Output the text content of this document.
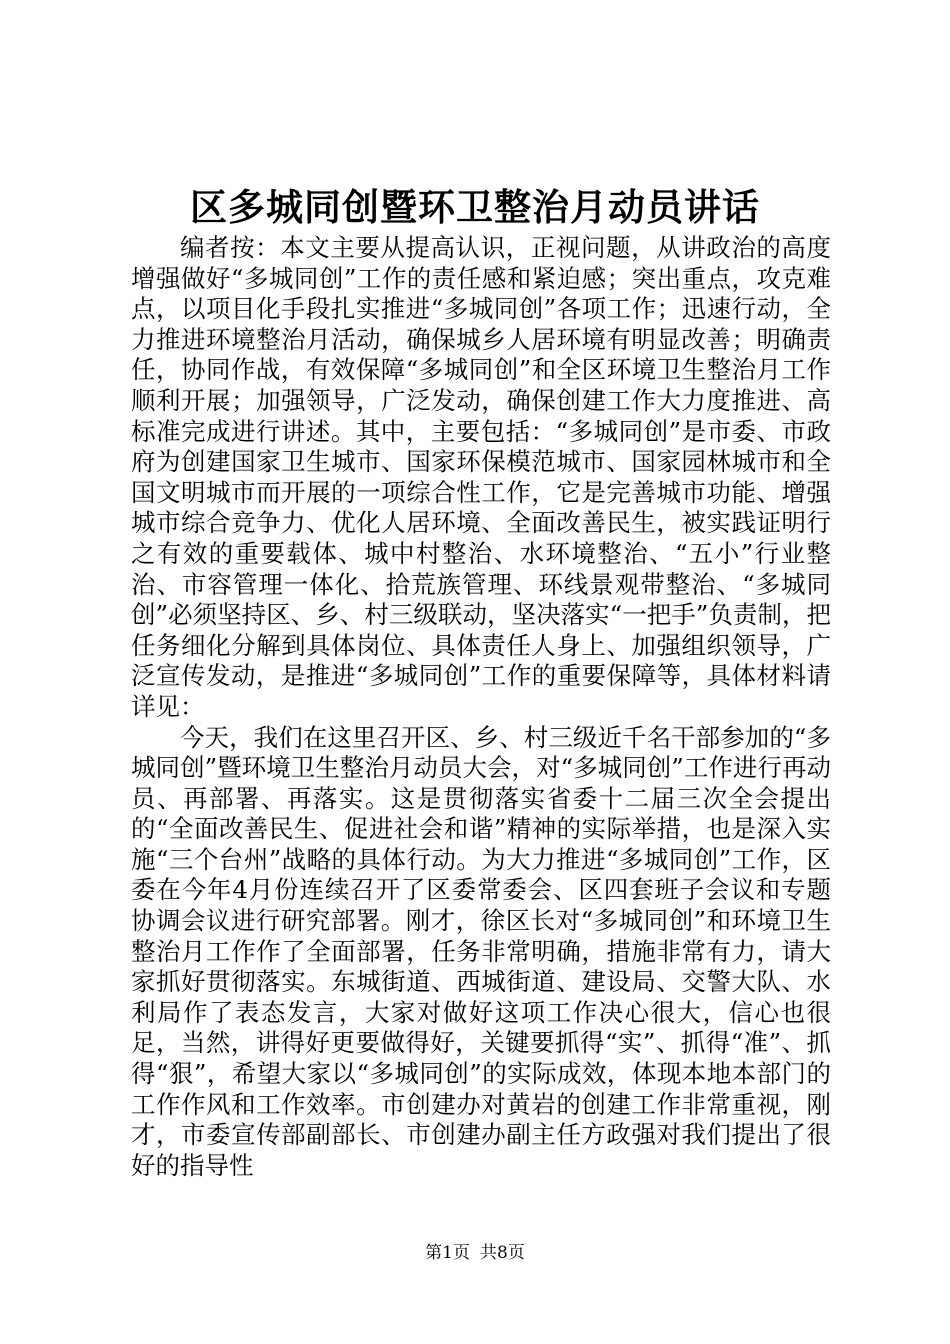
区多城同创暨环卫整治月动员讲话

编者按：本文主要从提高认识，正视问题，从讲政治的高度增强做好“多城同创”工作的责任感和紧迫感；突出重点，攻克难点，以项目化手段扎实推进“多城同创”各项工作；迅速行动，全力推进环境整治月活动，确保城乡人居环境有明显改善；明确责任，协同作战，有效保障“多城同创”和全区环境卫生整治月工作顺利开展；加强领导，广泛发动，确保创建工作大力度推进、高标准完成进行讲述。其中，主要包括：“多城同创”是市委、市政府为创建国家卫生城市、国家环保模范城市、国家园林城市和全国文明城市而开展的一项综合性工作，它是完善城市功能、增强城市综合竞争力、优化人居环境、全面改善民生，被实践证明行之有效的重要载体、城中村整治、水环境整治、“五小”行业整治、市容管理一体化、拾荒族管理、环线景观带整治、“多城同创”必须坚持区、乡、村三级联动，坚决落实“一把手”负责制，把任务细化分解到具体岗位、具体责任人身上、加强组织领导，广泛宣传发动，是推进“多城同创”工作的重要保障等，具体材料请详见：

今天，我们在这里召开区、乡、村三级近千名干部参加的“多城同创”暨环境卫生整治月动员大会，对“多城同创”工作进行再动员、再部署、再落实。这是贯彻落实省委十二届三次全会提出的“全面改善民生、促进社会和谐”精神的实际举措，也是深入实施“三个台州”战略的具体行动。为大力推进“多城同创”工作，区委在今年4月份连续召开了区委常委会、区四套班子会议和专题协调会议进行研究部署。刚才，徐区长对“多城同创”和环境卫生整治月工作作了全面部署，任务非常明确，措施非常有力，请大家抓好贯彻落实。东城街道、西城街道、建设局、交警大队、水利局作了表态发言，大家对做好这项工作决心很大，信心也很足，当然，讲得好更要做得好，关键要抓得“实”、抓得“准”、抓得“狠”，希望大家以“多城同创”的实际成效，体现本地本部门的工作作风和工作效率。市创建办对黄岩的创建工作非常重视，刚才，市委宣传部副部长、市创建办副主任方政强对我们提出了很好的指导性

第1页 共8页
